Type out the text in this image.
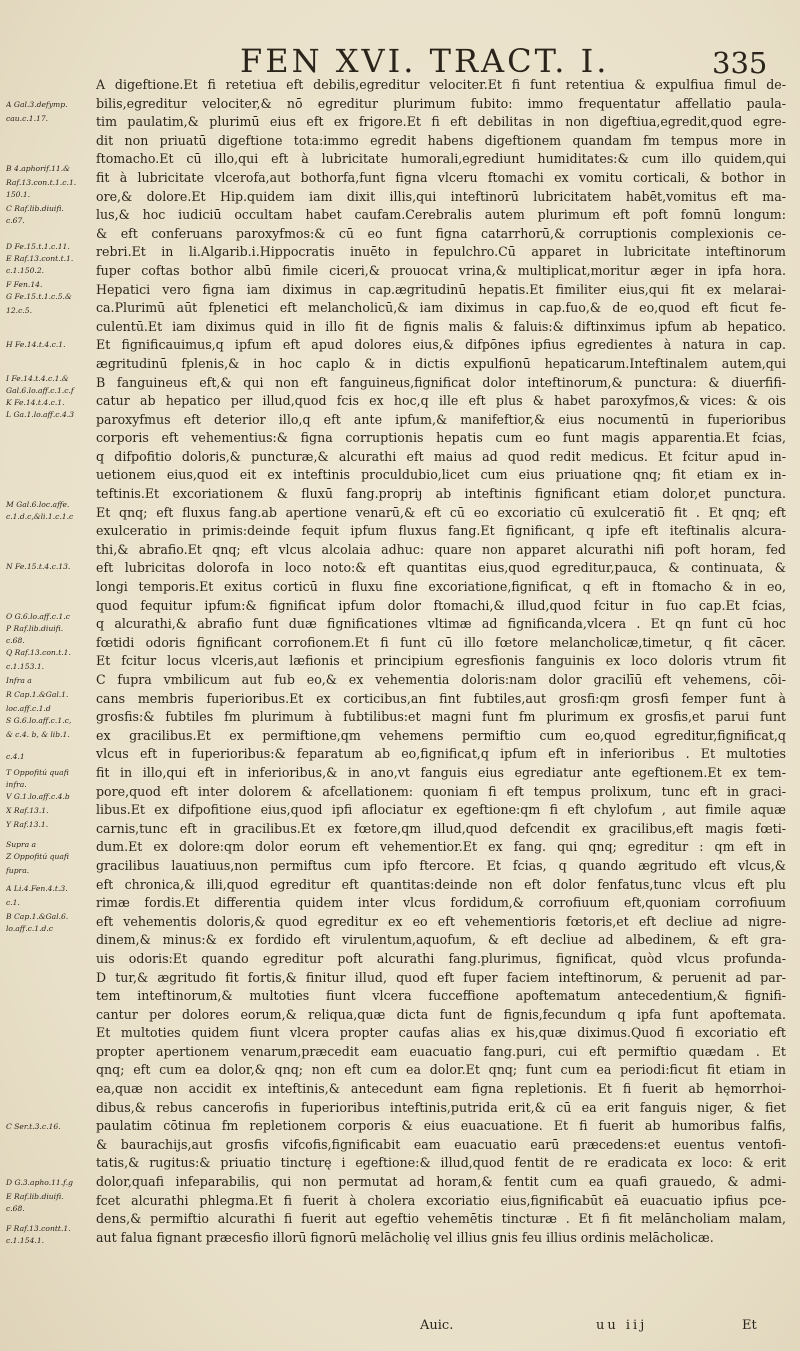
FEN XVI. TRACT. I.	335
A Gal.3.defymp.
cau.c.1.17.
B 4.aphorif.11.&
Raf.13.con.t.1.c.1.
150.1.
C Raf.lib.diuifi.
c.67.
D Fe.15.t.1.c.11.
E Raf.13.cont.t.1.
c.1.150.2.
F Fen.14.
G Fe.15.t.1.c.5.&
12.c.5.
H Fe.14.t.4.c.1.
I Fe.14.t.4.c.1.&
Gal.6.lo.aff.c.1.c.f
K Fe.14.t.4.c.1.
L Ga.1.lo.aff.c.4.3
M Gal.6.loc.affe.
c.1.d.c,&li.1.c.1.c
N Fe.15.t.4.c.13.
O G.6.lo.aff.c.1.c
P Raf.lib.diuifi.
c.68.
Q Raf.13.con.t.1.
c.1.153.1.
Infra a
R Cap.1.&Gal.1.
loc.aff.c.1.d
S G.6.lo.aff.c.1.c,
& c.4. b, & lib.1.
c.4.1
T Oppofitú quafi
infra.
V G.1.lo.aff.c.4.b
X Raf.13.1.
Y Raf.13.1.
Supra a
Z Oppofitú quafi
fupra.
A Li.4.Fen.4.t.3.
c.1.
B Cap.1.&Gal.6.
lo.aff.c.1.d.c
C Ser.t.3.c.16.
D G.3.apho.11.f.g
E Raf.lib.diuifi.
c.68.
F Raf.13.contt.1.
c.1.154.1.
A digeftione.Et fi retetiua eft debilis,egreditur velociter.Et fi funt retentiua & expulfiua fimul de-
bilis,egreditur velociter,& nō egreditur plurimum fubito: immo frequentatur affellatio paula-
tim paulatim,& plurimū eius eft ex frigore.Et fi eft debilitas in non digeftiua,egredit,quod egre-
dit non priuatū digeftione tota:immo egredit habens digeftionem quandam fm tempus more in
ftomacho.Et cū illo,qui eft à lubricitate humorali,egrediunt humiditates:& cum illo quidem,qui
fit à lubricitate vlcerofa,aut bothorfa,funt figna vlceru ftomachi ex vomitu corticali, & bothor in
ore,& dolore.Et Hip.quidem iam dixit illis,qui inteftinorū lubricitatem habēt,vomitus eft ma-
lus,& hoc iudiciū occultam habet caufam.Cerebralis autem plurimum eft poft fomnū longum:
& eft conferuans paroxyfmos:& cū eo funt figna catarrhorū,& corruptionis complexionis ce-
rebri.Et in li.Algarib.i.Hippocratis inuēto in fepulchro.Cū apparet in lubricitate inteftinorum
fuper coftas bothor albū fimile ciceri,& prouocat vrina,& multiplicat,moritur æger in ipfa hora.
Hepatici vero figna iam diximus in cap.ægritudinū hepatis.Et fimiliter eius,qui fit ex melarai-
ca.Plurimū aūt fplenetici eft melancholicū,& iam diximus in cap.fuo,& de eo,quod eft ficut fe-
culentū.Et iam diximus quid in illo fit de fignis malis & faluis:& diftinximus ipfum ab hepatico.
Et fignificauimus,q ipfum eft apud dolores eius,& difpōnes ipfius egredientes à natura in cap.
ægritudinū fplenis,& in hoc caplo & in dictis expulfionū hepaticarum.Inteftinalem autem,qui
B fanguineus eft,& qui non eft fanguineus,fignificat dolor inteftinorum,& punctura: & diuerfifi-
catur ab hepatico per illud,quod fcis ex hoc,q ille eft plus & habet paroxyfmos,& vices: & ois
paroxyfmus eft deterior illo,q eft ante ipfum,& manifeftior,& eius nocumentū in fuperioribus
corporis eft vehementius:& figna corruptionis hepatis cum eo funt magis apparentia.Et fcias,
q difpofitio doloris,& puncturæ,& alcurathi eft maius ad quod redit medicus. Et fcitur apud in-
uetionem eius,quod eit ex inteftinis proculdubio,licet cum eius priuatione qnq; fit etiam ex in-
teftinis.Et excoriationem & fluxū fang.propriȷ ab inteftinis fignificant etiam dolor,et punctura.
Et qnq; eft fluxus fang.ab apertione venarū,& eft cū eo excoriatio cū exulceratiō fit . Et qnq; eft
exulceratio in primis:deinde fequit ipfum fluxus fang.Et fignificant, q ipfe eft iteftinalis alcura-
thi,& abrafio.Et qnq; eft vlcus alcolaia adhuc: quare non apparet alcurathi nifi poft horam, fed
eft lubricitas dolorofa in loco noto:& eft quantitas eius,quod egreditur,pauca, & continuata, &
longi temporis.Et exitus corticū in fluxu fine excoriatione,fignificat, q eft in ftomacho & in eo,
quod fequitur ipfum:& fignificat ipfum dolor ftomachi,& illud,quod fcitur in fuo cap.Et fcias,
q alcurathi,& abrafio funt duæ fignificationes vltimæ ad fignificanda,vlcera . Et qn funt cū hoc
fœtidi odoris fignificant corrofionem.Et fi funt cū illo fœtore melancholicæ,timetur, q fit cācer.
Et fcitur locus vlceris,aut læfionis et principium egresfionis fanguinis ex loco doloris vtrum fit
C fupra vmbilicum aut fub eo,& ex vehementia doloris:nam dolor gracilīū eft vehemens, cōi-
cans membris fuperioribus.Et ex corticibus,an fint fubtiles,aut grosfi:qm grosfi femper funt à
grosfis:& fubtiles fm plurimum à fubtilibus:et magni funt fm plurimum ex grosfis,et parui funt
ex gracilibus.Et ex permiftione,qm vehemens permiftio cum eo,quod egreditur,fignificat,q
vlcus eft in fuperioribus:& feparatum ab eo,fignificat,q ipfum eft in inferioribus . Et multoties
fit in illo,qui eft in inferioribus,& in ano,vt fanguis eius egrediatur ante egeftionem.Et ex tem-
pore,quod eft inter dolorem & afcellationem: quoniam fi eft tempus prolixum, tunc eft in graci-
libus.Et ex difpofitione eius,quod ipfi aflociatur ex egeftione:qm fi eft chylofum , aut fimile aquæ
carnis,tunc eft in gracilibus.Et ex fœtore,qm illud,quod defcendit ex gracilibus,eft magis fœti-
dum.Et ex dolore:qm dolor eorum eft vehementior.Et ex fang. qui qnq; egreditur : qm eft in
gracilibus lauatiuus,non permiftus cum ipfo ftercore. Et fcias, q quando ægritudo eft vlcus,&
eft chronica,& illi,quod egreditur eft quantitas:deinde non eft dolor fenfatus,tunc vlcus eft plu
rimæ fordis.Et differentia quidem inter vlcus fordidum,& corrofiuum eft,quoniam corrofiuum
eft vehementis doloris,& quod egreditur ex eo eft vehementioris fœtoris,et eft decliue ad nigre-
dinem,& minus:& ex fordido eft virulentum,aquofum, & eft decliue ad albedinem, & eft gra-
uis odoris:Et quando egreditur poft alcurathi fang.plurimus, fignificat, quòd vlcus profunda-
D tur,& ægritudo fit fortis,& finitur illud, quod eft fuper faciem inteftinorum, & peruenit ad par-
tem inteftinorum,& multoties fiunt vlcera fucceffione apoftematum antecedentium,& fignifi-
cantur per dolores eorum,& reliqua,quæ dicta funt de fignis,fecundum q ipfa funt apoftemata.
Et multoties quidem fiunt vlcera propter caufas alias ex his,quæ diximus.Quod fi excoriatio eft
propter apertionem venarum,præcedit eam euacuatio fang.puri, cui eft permiftio quædam . Et
qnq; eft cum ea dolor,& qnq; non eft cum ea dolor.Et qnq; funt cum ea periodi:ficut fit etiam in
ea,quæ non accidit ex inteftinis,& antecedunt eam figna repletionis. Et fi fuerit ab hęmorrhoi-
dibus,& rebus cancerofis in fuperioribus inteftinis,putrida erit,& cū ea erit fanguis niger, & fiet
paulatim cōtinua fm repletionem corporis & eius euacuatione. Et fi fuerit ab humoribus falfis,
& baurachijs,aut grosfis vifcofis,fignificabit eam euacuatio earū præcedens:et euentus ventofi-
tatis,& rugitus:& priuatio tincturę i egeftione:& illud,quod fentit de re eradicata ex loco: & erit
dolor,quafi infeparabilis, qui non permutat ad horam,& fentit cum ea quafi grauedo, & admi-
fcet alcurathi phlegma.Et fi fuerit à cholera excoriatio eius,fignificabūt eā euacuatio ipfius pce-
dens,& permiftio alcurathi fi fuerit aut egeftio vehemētis tincturæ . Et fi fit melāncholiam malam,
aut falua fignant præcesfio illorū fignorū melācholię vel illius gnis feu illius ordinis melācholicæ.
Auic.	uu iij	Et
